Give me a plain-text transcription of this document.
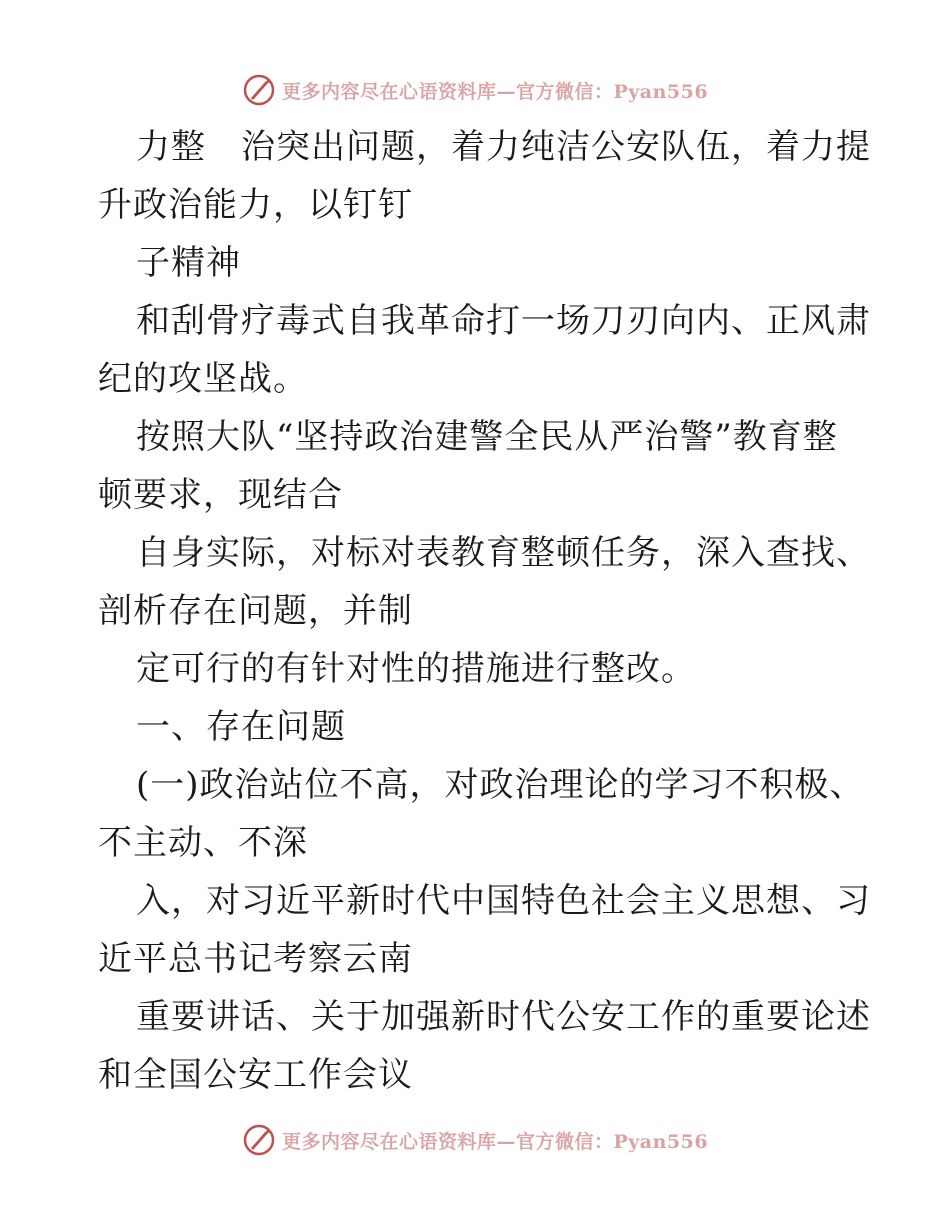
更多内容尽在心语资料库—官方微信：Pyan556
力整　治突出问题，着力纯洁公安队伍，着力提
升政治能力，以钉钉
子精神
和刮骨疗毒式自我革命打一场刀刃向内、正风肃
纪的攻坚战。
按照大队“坚持政治建警全民从严治警”教育整
顿要求，现结合
自身实际，对标对表教育整顿任务，深入查找、
剖析存在问题，并制
定可行的有针对性的措施进行整改。
一、存在问题
(一)政治站位不高，对政治理论的学习不积极、
不主动、不深
入，对习近平新时代中国特色社会主义思想、习
近平总书记考察云南
重要讲话、关于加强新时代公安工作的重要论述
和全国公安工作会议
更多内容尽在心语资料库—官方微信：Pyan556
